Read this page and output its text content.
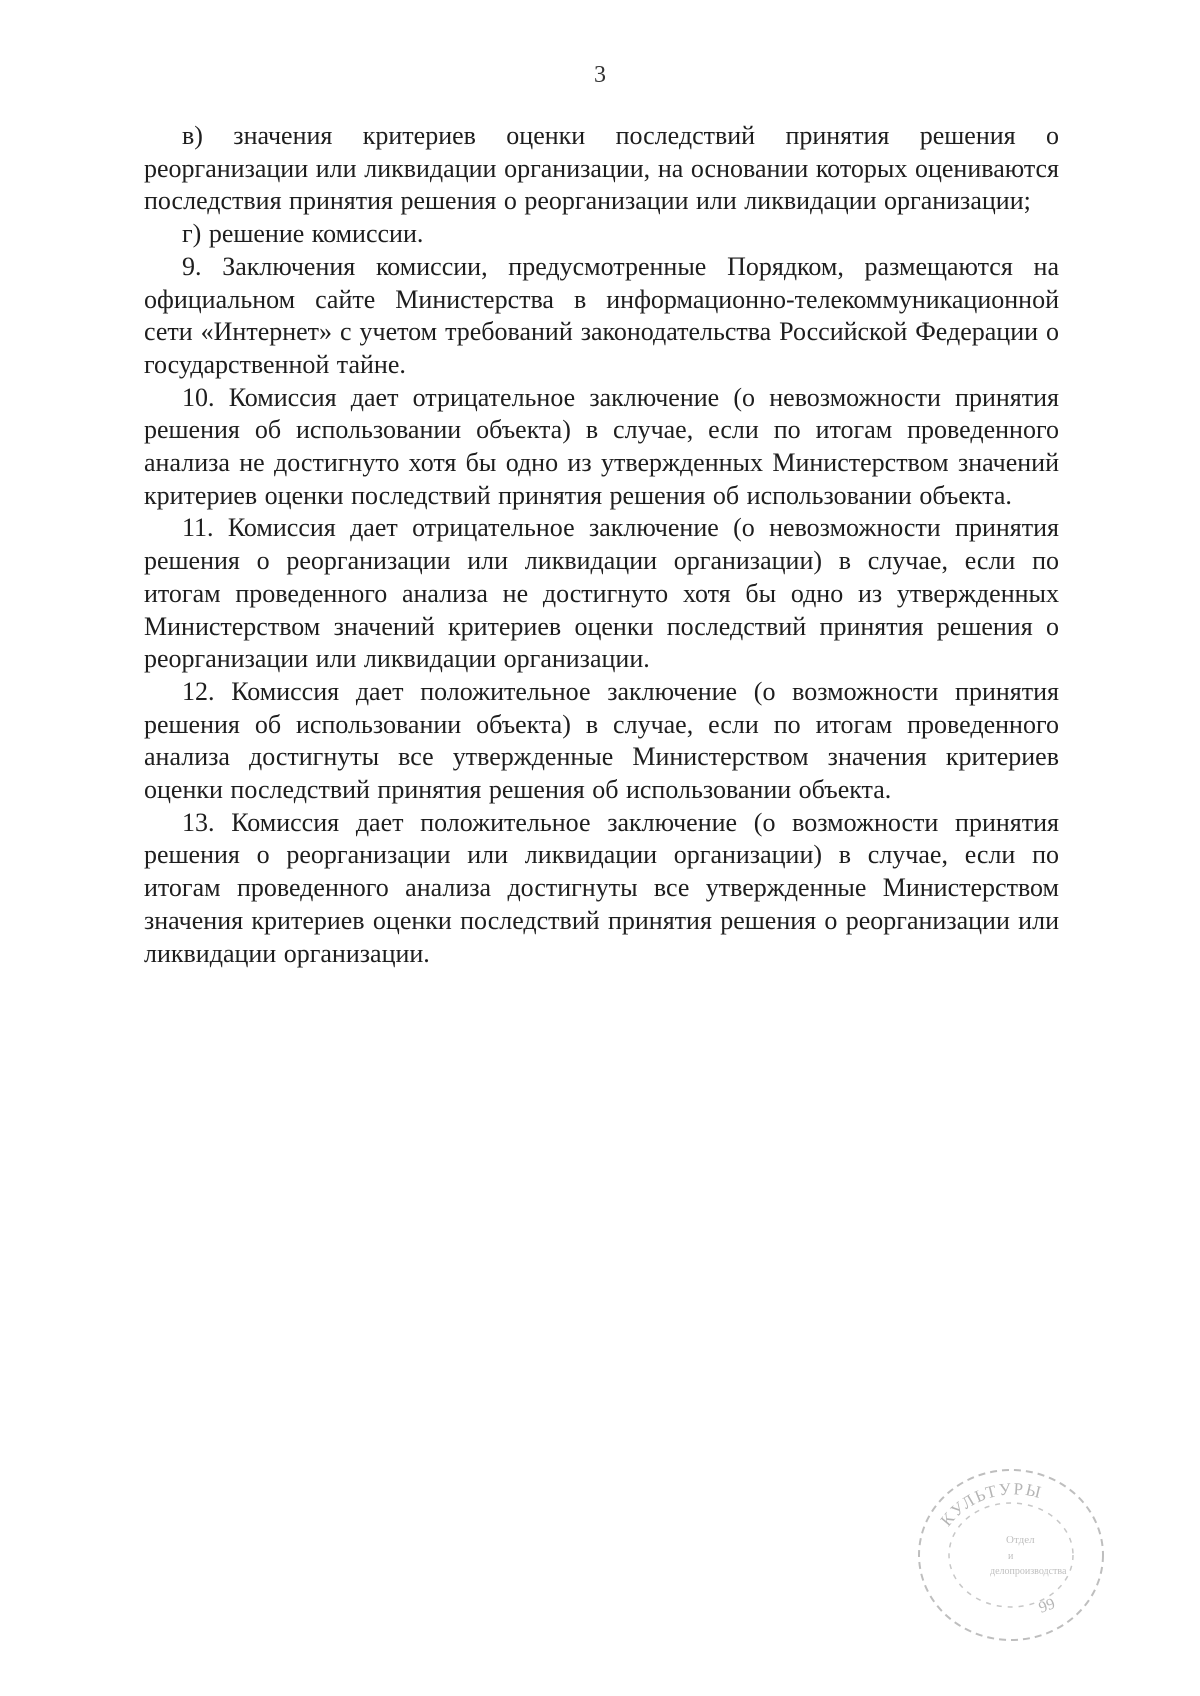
3

в) значения критериев оценки последствий принятия решения о реорганизации или ликвидации организации, на основании которых оцениваются последствия принятия решения о реорганизации или ликвидации организации;

г) решение комиссии.

9. Заключения комиссии, предусмотренные Порядком, размещаются на официальном сайте Министерства в информационно-телекоммуникационной сети «Интернет» с учетом требований законодательства Российской Федерации о государственной тайне.

10. Комиссия дает отрицательное заключение (о невозможности принятия решения об использовании объекта) в случае, если по итогам проведенного анализа не достигнуто хотя бы одно из утвержденных Министерством значений критериев оценки последствий принятия решения об использовании объекта.

11. Комиссия дает отрицательное заключение (о невозможности принятия решения о реорганизации или ликвидации организации) в случае, если по итогам проведенного анализа не достигнуто хотя бы одно из утвержденных Министерством значений критериев оценки последствий принятия решения о реорганизации или ликвидации организации.

12. Комиссия дает положительное заключение (о возможности принятия решения об использовании объекта) в случае, если по итогам проведенного анализа достигнуты все утвержденные Министерством значения критериев оценки последствий принятия решения об использовании объекта.

13. Комиссия дает положительное заключение (о возможности принятия решения о реорганизации или ликвидации организации) в случае, если по итогам проведенного анализа достигнуты все утвержденные Министерством значения критериев оценки последствий принятия решения о реорганизации или ликвидации организации.

КУЛЬТУРЫ
Отдел
и
делопроизводства
99
